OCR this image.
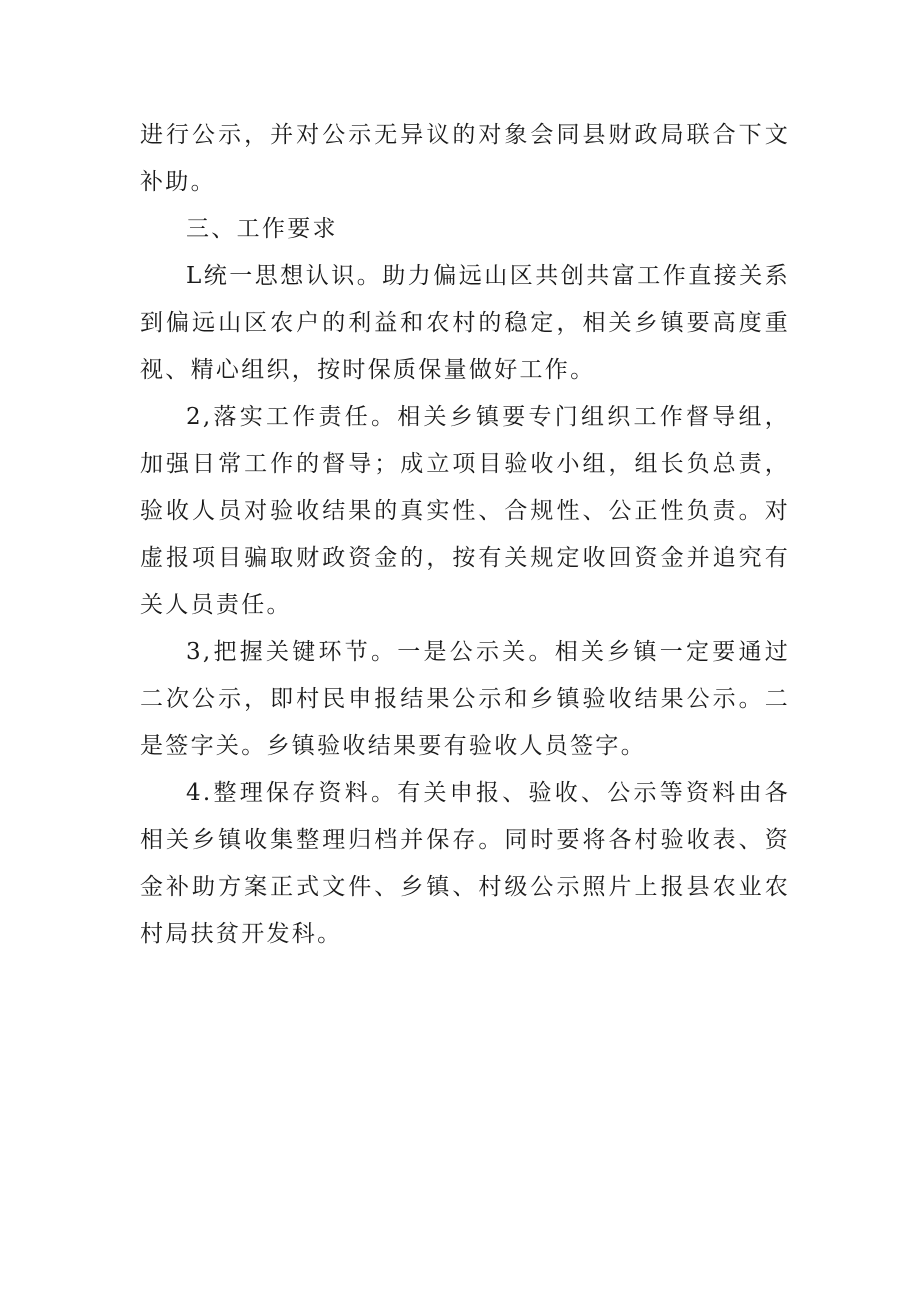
进行公示，并对公示无异议的对象会同县财政局联合下文补助。

三、工作要求

L统一思想认识。助力偏远山区共创共富工作直接关系到偏远山区农户的利益和农村的稳定，相关乡镇要高度重视、精心组织，按时保质保量做好工作。

2,落实工作责任。相关乡镇要专门组织工作督导组，加强日常工作的督导；成立项目验收小组，组长负总责，验收人员对验收结果的真实性、合规性、公正性负责。对虚报项目骗取财政资金的，按有关规定收回资金并追究有关人员责任。

3,把握关键环节。一是公示关。相关乡镇一定要通过二次公示，即村民申报结果公示和乡镇验收结果公示。二是签字关。乡镇验收结果要有验收人员签字。

4.整理保存资料。有关申报、验收、公示等资料由各相关乡镇收集整理归档并保存。同时要将各村验收表、资金补助方案正式文件、乡镇、村级公示照片上报县农业农村局扶贫开发科。
